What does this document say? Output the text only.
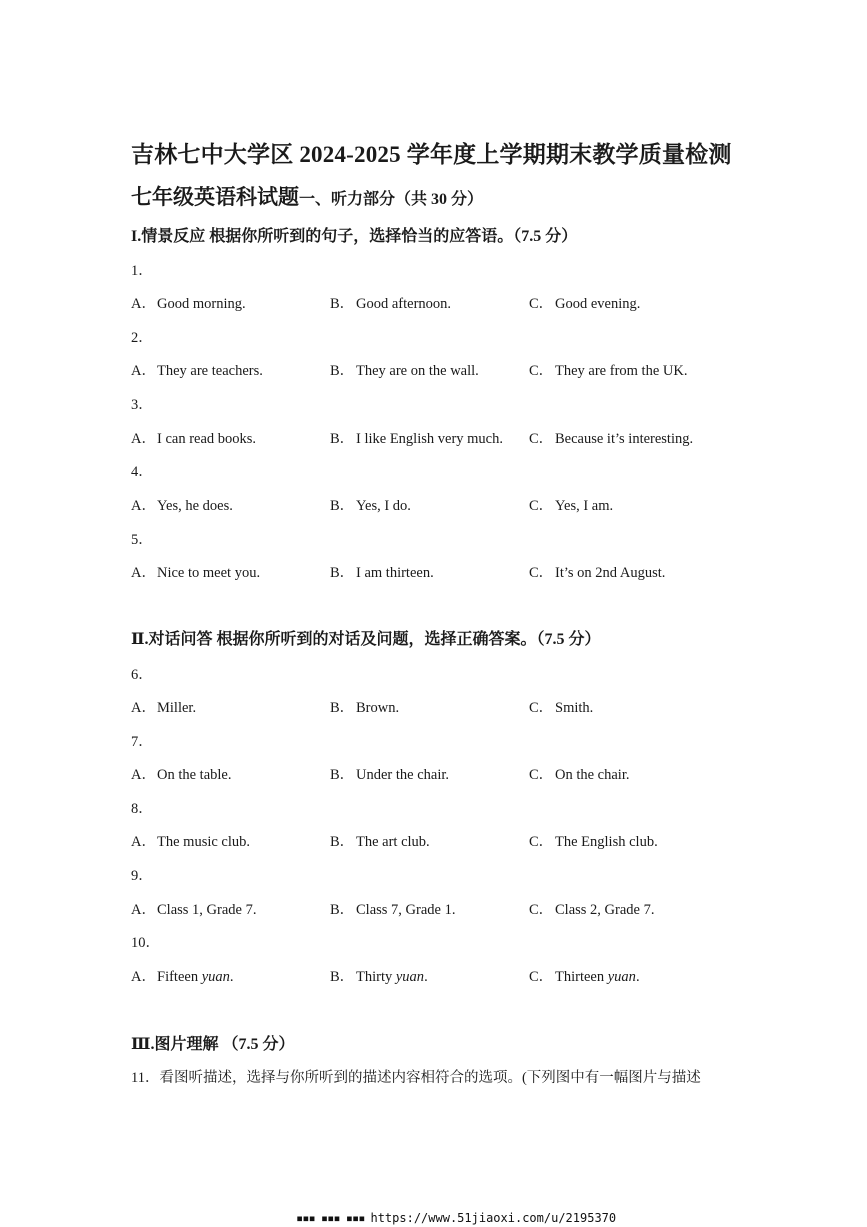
吉林七中大学区 2024-2025 学年度上学期期末教学质量检测
七年级英语科试题一、听力部分（共 30 分）
I.情景反应 根据你所听到的句子，选择恰当的应答语。（7.5 分）
1．
A．Good morning.	B． Good afternoon.	C． Good evening.
2．
A．They are teachers.	B． They are on the wall.	C． They are from the UK.
3．
A．I can read books.	B． I like English very much. C． Because it’s interesting.
4．
A．Yes, he does.	B． Yes, I do.	C． Yes, I am.
5．
A．Nice to meet you.	B． I am thirteen.	C． It’s on 2nd August.
Ⅱ.对话问答 根据你所听到的对话及问题，选择正确答案。（7.5 分）
6．
A．Miller.	B． Brown.	C． Smith.
7．
A．On the table.	B． Under the chair.	C． On the chair.
8．
A．The music club.	B． The art club.	C． The English club.
9．
A．Class 1, Grade 7.	B． Class 7, Grade 1.	C． Class 2, Grade 7.
10．
A．Fifteen yuan.	B． Thirty yuan.	C． Thirteen yuan.
Ⅲ.图片理解 （7.5 分）
11．看图听描述，选择与你所听到的描述内容相符合的选项。(下列图中有一幅图片与描述
▪▪▪ ▪▪▪ ▪▪▪ https://www.51jiaoxi.com/u/2195370
